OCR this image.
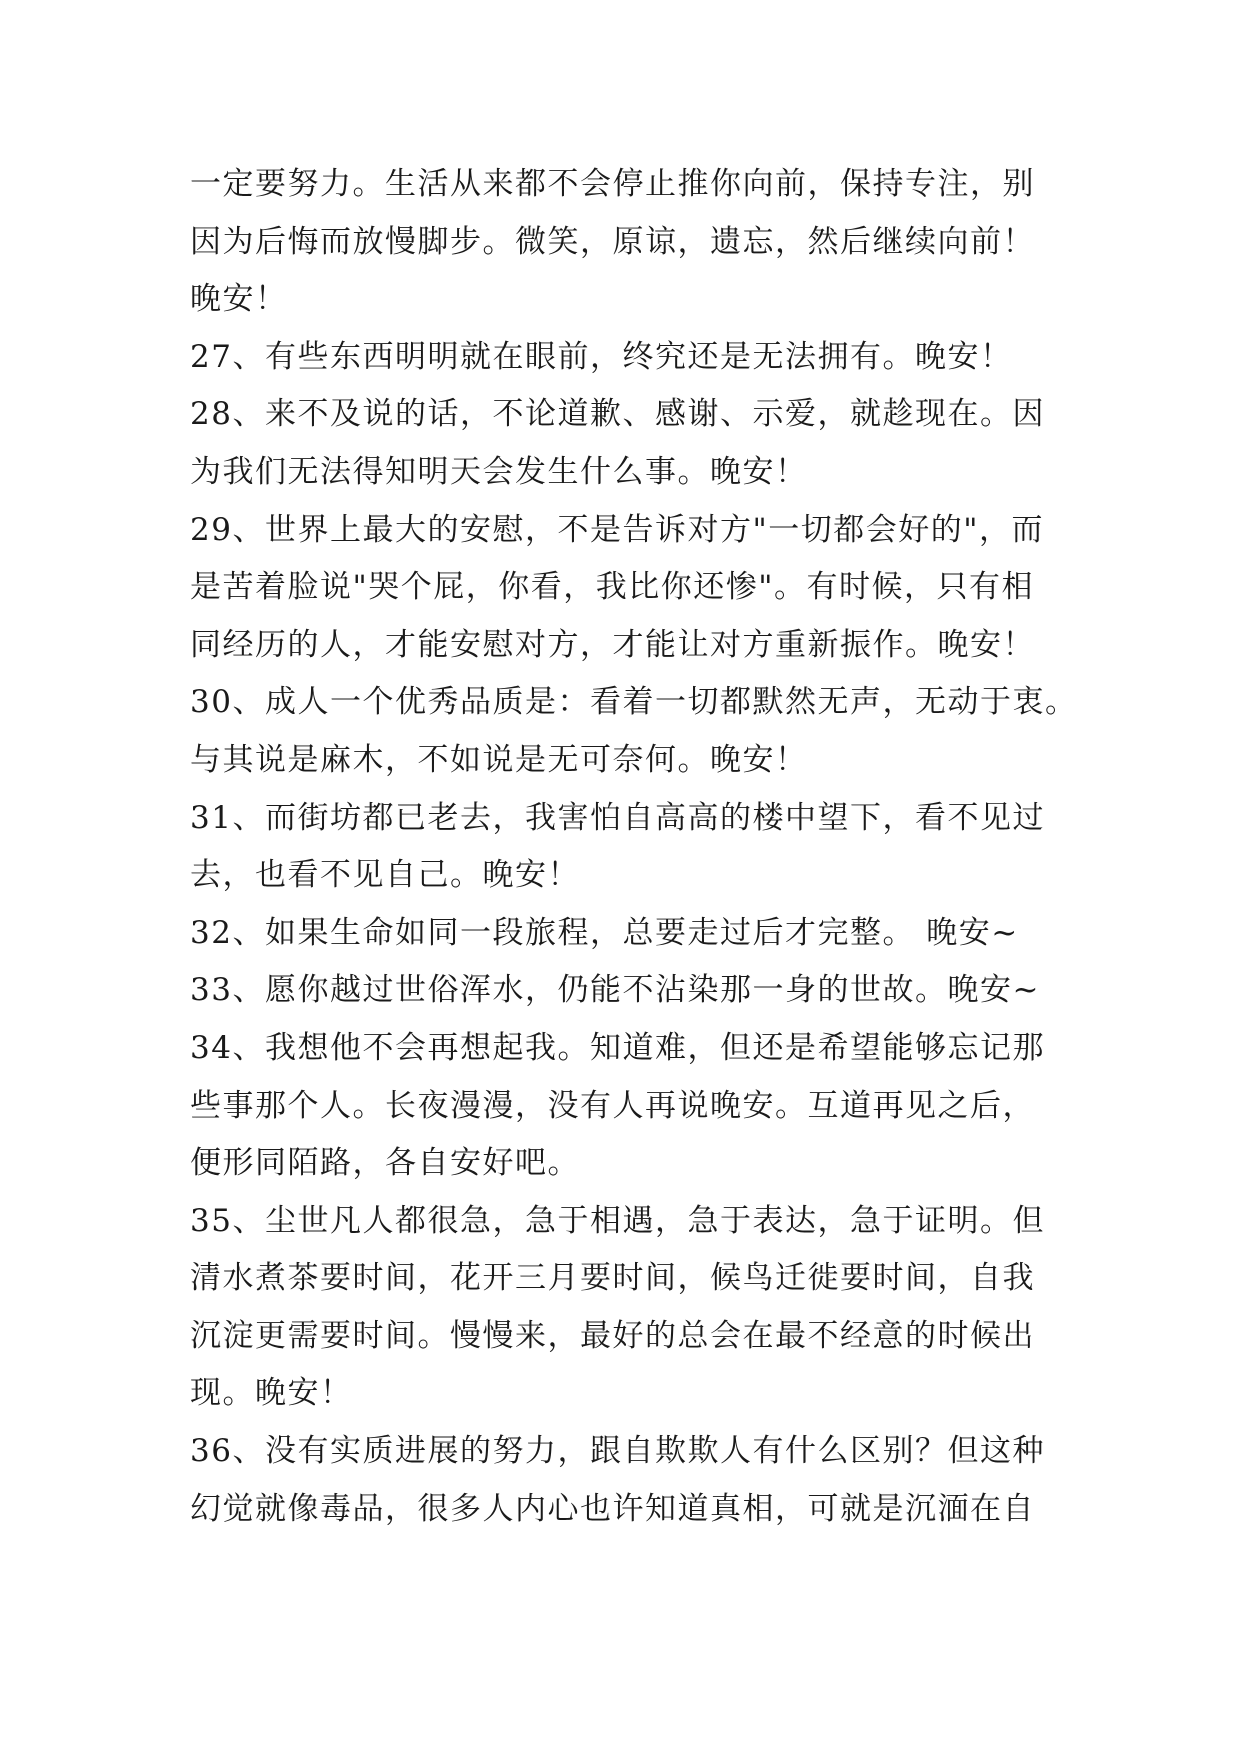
一定要努力。生活从来都不会停止推你向前，保持专注，别
因为后悔而放慢脚步。微笑，原谅，遗忘，然后继续向前！
晚安！
27、有些东西明明就在眼前，终究还是无法拥有。晚安！
28、来不及说的话，不论道歉、感谢、示爱，就趁现在。因
为我们无法得知明天会发生什么事。晚安！
29、世界上最大的安慰，不是告诉对方"一切都会好的"，而
是苦着脸说"哭个屁，你看，我比你还惨"。有时候，只有相
同经历的人，才能安慰对方，才能让对方重新振作。晚安！
30、成人一个优秀品质是：看着一切都默然无声，无动于衷。
与其说是麻木，不如说是无可奈何。晚安！
31、而街坊都已老去，我害怕自高高的楼中望下，看不见过
去，也看不见自己。晚安！
32、如果生命如同一段旅程，总要走过后才完整。 晚安~
33、愿你越过世俗浑水，仍能不沾染那一身的世故。晚安~
34、我想他不会再想起我。知道难，但还是希望能够忘记那
些事那个人。长夜漫漫，没有人再说晚安。互道再见之后，
便形同陌路，各自安好吧。
35、尘世凡人都很急，急于相遇，急于表达，急于证明。但
清水煮茶要时间，花开三月要时间，候鸟迁徙要时间，自我
沉淀更需要时间。慢慢来，最好的总会在最不经意的时候出
现。晚安！
36、没有实质进展的努力，跟自欺欺人有什么区别？但这种
幻觉就像毒品，很多人内心也许知道真相，可就是沉湎在自
